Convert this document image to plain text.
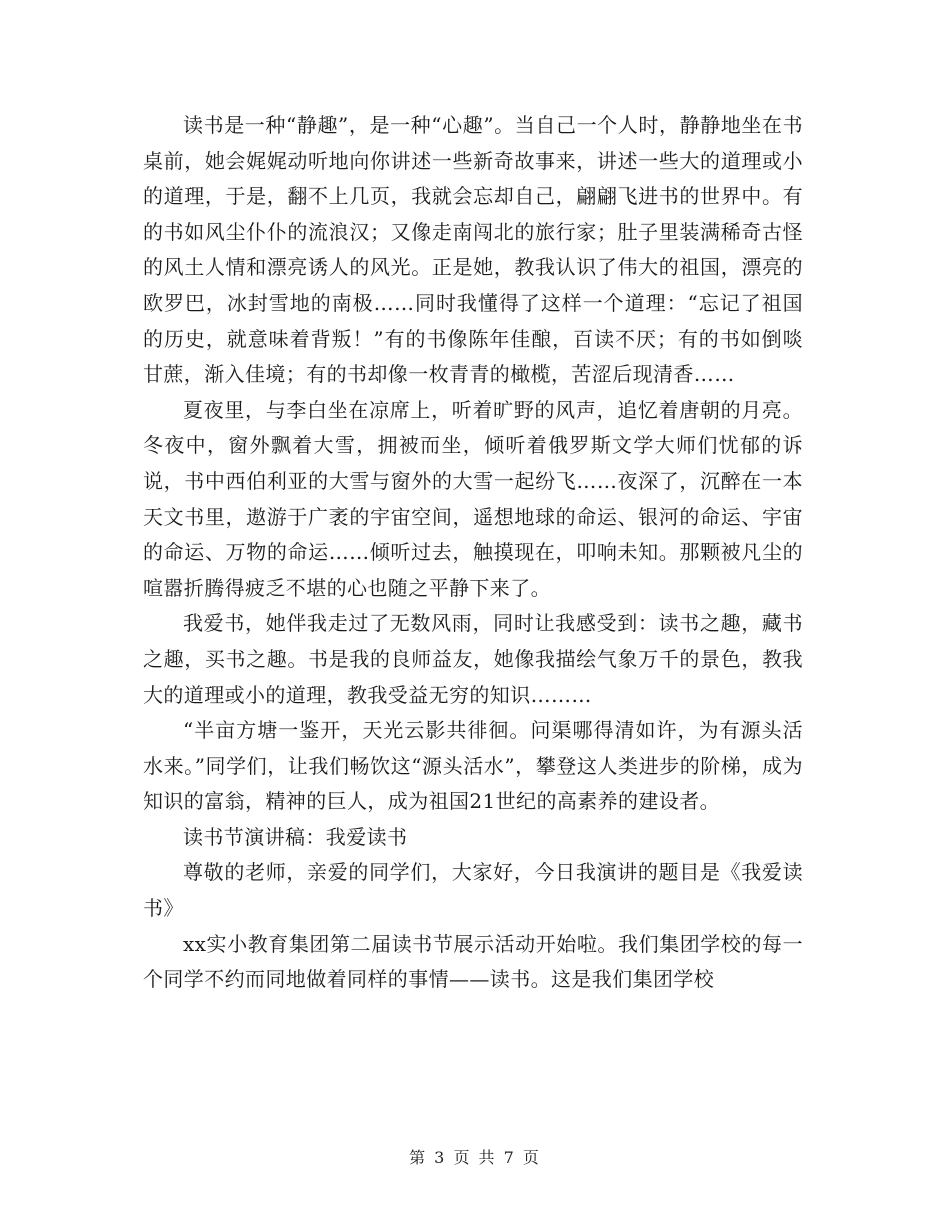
读书是一种“静趣”，是一种“心趣”。当自己一个人时，静静地坐在书桌前，她会娓娓动听地向你讲述一些新奇故事来，讲述一些大的道理或小的道理，于是，翻不上几页，我就会忘却自己，翩翩飞进书的世界中。有的书如风尘仆仆的流浪汉；又像走南闯北的旅行家；肚子里装满稀奇古怪的风土人情和漂亮诱人的风光。正是她，教我认识了伟大的祖国，漂亮的欧罗巴，冰封雪地的南极……同时我懂得了这样一个道理：“忘记了祖国的历史，就意味着背叛！”有的书像陈年佳酿，百读不厌；有的书如倒啖甘蔗，渐入佳境；有的书却像一枚青青的橄榄，苦涩后现清香……

夏夜里，与李白坐在凉席上，听着旷野的风声，追忆着唐朝的月亮。冬夜中，窗外飘着大雪，拥被而坐，倾听着俄罗斯文学大师们忧郁的诉说，书中西伯利亚的大雪与窗外的大雪一起纷飞……夜深了，沉醉在一本天文书里，遨游于广袤的宇宙空间，遥想地球的命运、银河的命运、宇宙的命运、万物的命运……倾听过去，触摸现在，叩响未知。那颗被凡尘的喧嚣折腾得疲乏不堪的心也随之平静下来了。

我爱书，她伴我走过了无数风雨，同时让我感受到：读书之趣，藏书之趣，买书之趣。书是我的良师益友，她像我描绘气象万千的景色，教我大的道理或小的道理，教我受益无穷的知识………

“半亩方塘一鉴开，天光云影共徘徊。问渠哪得清如许，为有源头活水来。”同学们，让我们畅饮这“源头活水”，攀登这人类进步的阶梯，成为知识的富翁，精神的巨人，成为祖国21世纪的高素养的建设者。

读书节演讲稿：我爱读书

尊敬的老师，亲爱的同学们，大家好，今日我演讲的题目是《我爱读书》

xx实小教育集团第二届读书节展示活动开始啦。我们集团学校的每一个同学不约而同地做着同样的事情——读书。这是我们集团学校

第 3 页 共 7 页
